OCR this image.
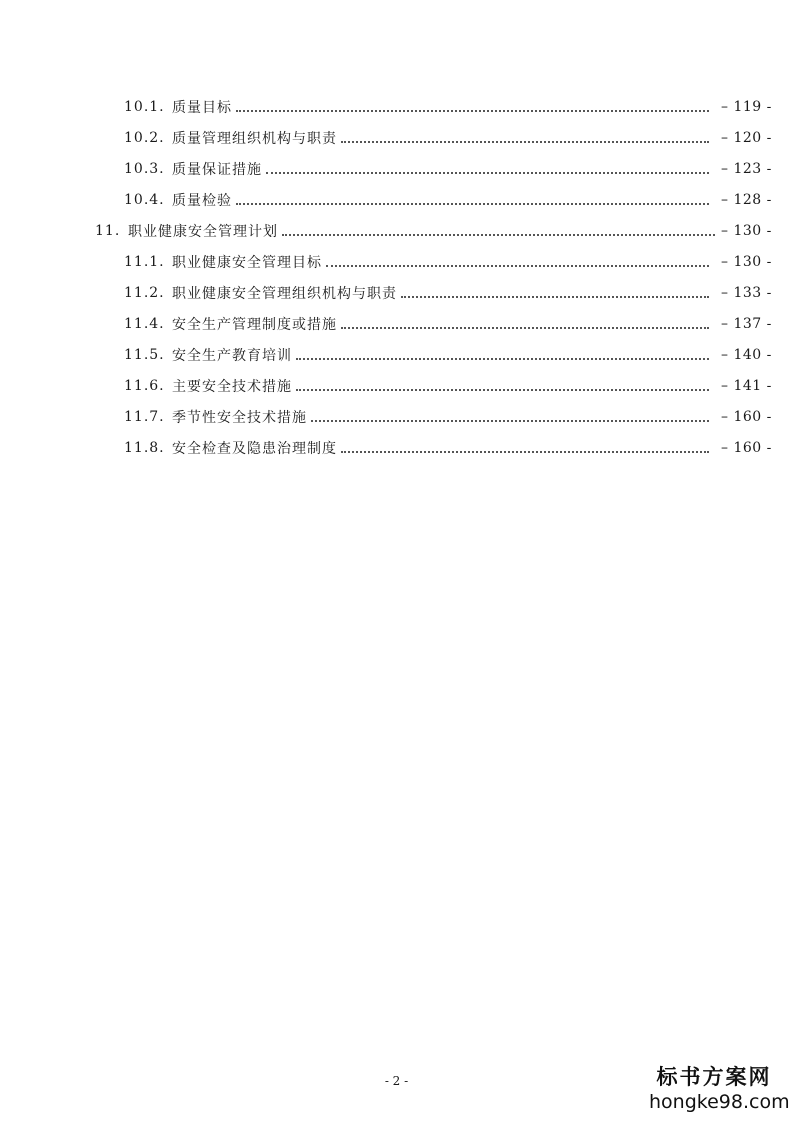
10.1. 质量目标	– 119 -
10.2. 质量管理组织机构与职责	– 120 -
10.3. 质量保证措施	– 123 -
10.4. 质量检验	– 128 -
11. 职业健康安全管理计划	– 130 -
11.1. 职业健康安全管理目标	– 130 -
11.2. 职业健康安全管理组织机构与职责	– 133 -
11.4. 安全生产管理制度或措施	– 137 -
11.5. 安全生产教育培训	– 140 -
11.6. 主要安全技术措施	– 141 -
11.7. 季节性安全技术措施	– 160 -
11.8. 安全检查及隐患治理制度	– 160 -
- 2 -	标书方案网
hongke98.com
